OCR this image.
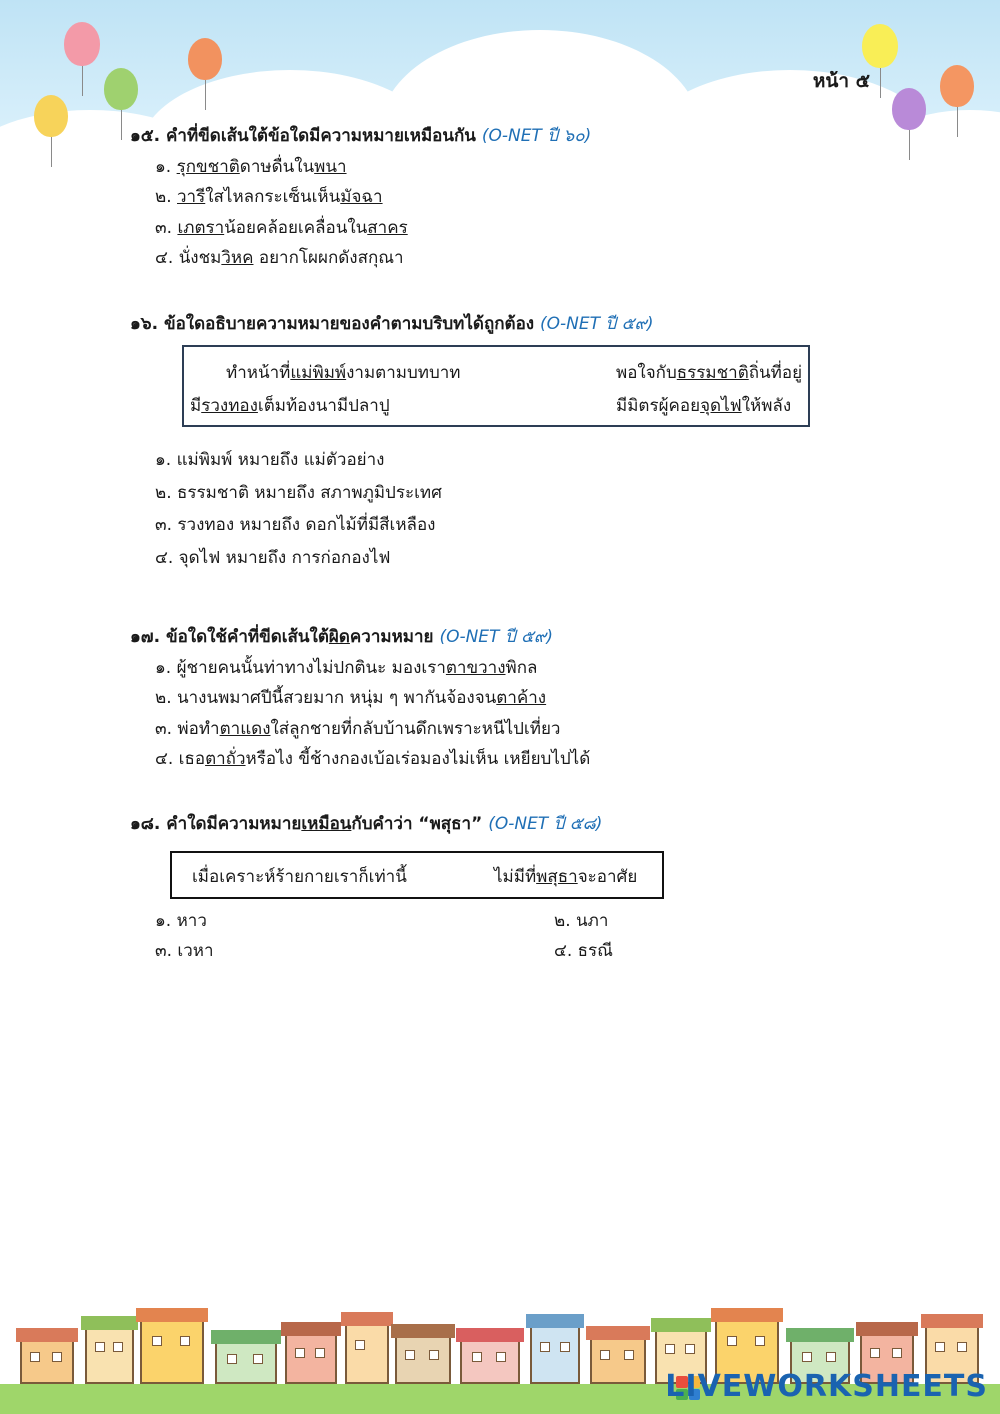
หน้า ๕
๑๕. คำที่ขีดเส้นใต้ข้อใดมีความหมายเหมือนกัน (O-NET ปี ๖๐)
๑. รุกขชาติดาษดื่นในพนา
๒. วารีใสไหลกระเซ็นเห็นมัจฉา
๓. เภตราน้อยคล้อยเคลื่อนในสาคร
๔. นั่งชมวิหค อยากโผผกดังสกุณา
๑๖. ข้อใดอธิบายความหมายของคำตามบริบทได้ถูกต้อง (O-NET ปี ๕๙)
ทำหน้าที่แม่พิมพ์งามตามบทบาท	พอใจกับธรรมชาติถิ่นที่อยู่
มีรวงทองเต็มท้องนามีปลาปู	มีมิตรผู้คอยจุดไฟให้พลัง
๑. แม่พิมพ์ หมายถึง แม่ตัวอย่าง
๒. ธรรมชาติ หมายถึง สภาพภูมิประเทศ
๓. รวงทอง หมายถึง ดอกไม้ที่มีสีเหลือง
๔. จุดไฟ หมายถึง การก่อกองไฟ
๑๗. ข้อใดใช้คำที่ขีดเส้นใต้ผิดความหมาย (O-NET ปี ๕๙)
๑. ผู้ชายคนนั้นท่าทางไม่ปกตินะ มองเราตาขวางพิกล
๒. นางนพมาศปีนี้สวยมาก หนุ่ม ๆ พากันจ้องจนตาค้าง
๓. พ่อทำตาแดงใส่ลูกชายที่กลับบ้านดึกเพราะหนีไปเที่ยว
๔. เธอตาถั่วหรือไง ขี้ช้างกองเบ้อเร่อมองไม่เห็น เหยียบไปได้
๑๘. คำใดมีความหมายเหมือนกับคำว่า “พสุธา” (O-NET ปี ๕๘)
เมื่อเคราะห์ร้ายกายเราก็เท่านี้	ไม่มีที่พสุธาจะอาศัย
๑. หาว	๒. นภา
๓. เวหา	๔. ธรณี
LIVEWORKSHEETS
